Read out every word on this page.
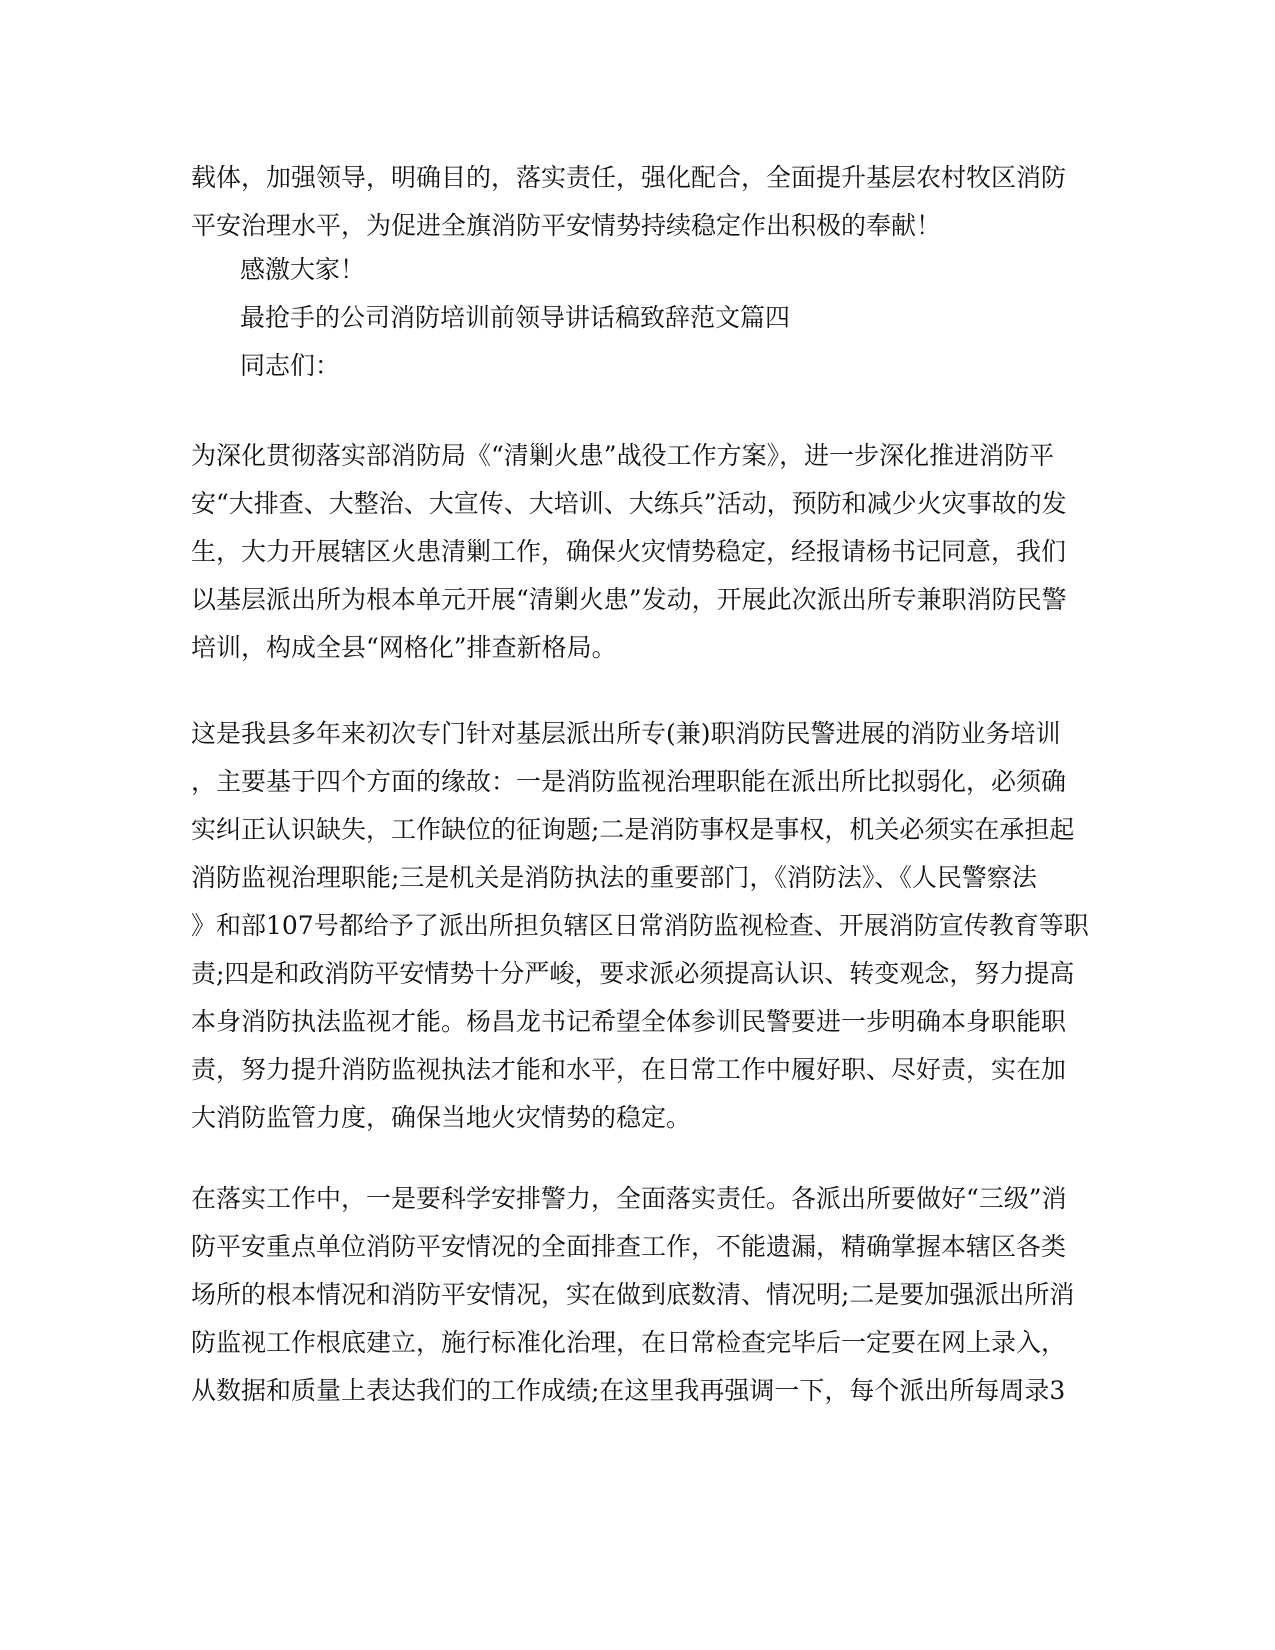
载体，加强领导，明确目的，落实责任，强化配合，全面提升基层农村牧区消防
平安治理水平，为促进全旗消防平安情势持续稳定作出积极的奉献！
感激大家！
最抢手的公司消防培训前领导讲话稿致辞范文篇四
同志们：
为深化贯彻落实部消防局《“清剿火患”战役工作方案》，进一步深化推进消防平
安“大排查、大整治、大宣传、大培训、大练兵”活动，预防和减少火灾事故的发
生，大力开展辖区火患清剿工作，确保火灾情势稳定，经报请杨书记同意，我们
以基层派出所为根本单元开展“清剿火患”发动，开展此次派出所专兼职消防民警
培训，构成全县“网格化”排查新格局。
这是我县多年来初次专门针对基层派出所专(兼)职消防民警进展的消防业务培训
，主要基于四个方面的缘故：一是消防监视治理职能在派出所比拟弱化，必须确
实纠正认识缺失，工作缺位的征询题;二是消防事权是事权，机关必须实在承担起
消防监视治理职能;三是机关是消防执法的重要部门，《消防法》、《人民警察法
》和部107号都给予了派出所担负辖区日常消防监视检查、开展消防宣传教育等职
责;四是和政消防平安情势十分严峻，要求派必须提高认识、转变观念，努力提高
本身消防执法监视才能。杨昌龙书记希望全体参训民警要进一步明确本身职能职
责，努力提升消防监视执法才能和水平，在日常工作中履好职、尽好责，实在加
大消防监管力度，确保当地火灾情势的稳定。
在落实工作中，一是要科学安排警力，全面落实责任。各派出所要做好“三级”消
防平安重点单位消防平安情况的全面排查工作，不能遗漏，精确掌握本辖区各类
场所的根本情况和消防平安情况，实在做到底数清、情况明;二是要加强派出所消
防监视工作根底建立，施行标准化治理，在日常检查完毕后一定要在网上录入，
从数据和质量上表达我们的工作成绩;在这里我再强调一下，每个派出所每周录3
